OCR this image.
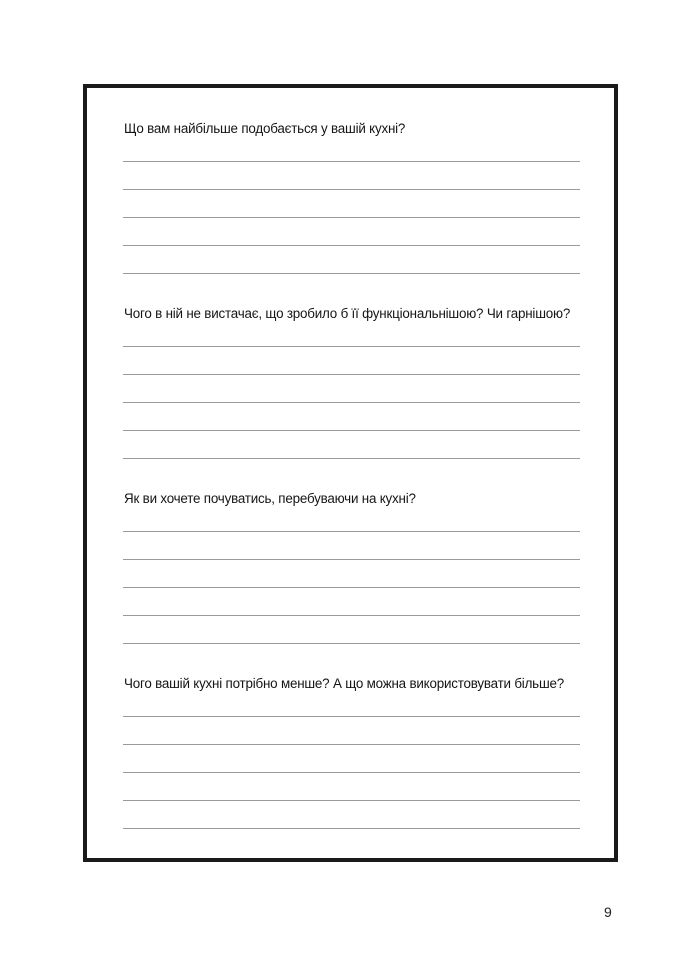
Що вам найбільше подобається у вашій кухні?
Чого в ній не вистачає, що зробило б її функціональнішою? Чи гарнішою?
Як ви хочете почуватись, перебуваючи на кухні?
Чого вашій кухні потрібно менше? А що можна використовувати більше?
9
